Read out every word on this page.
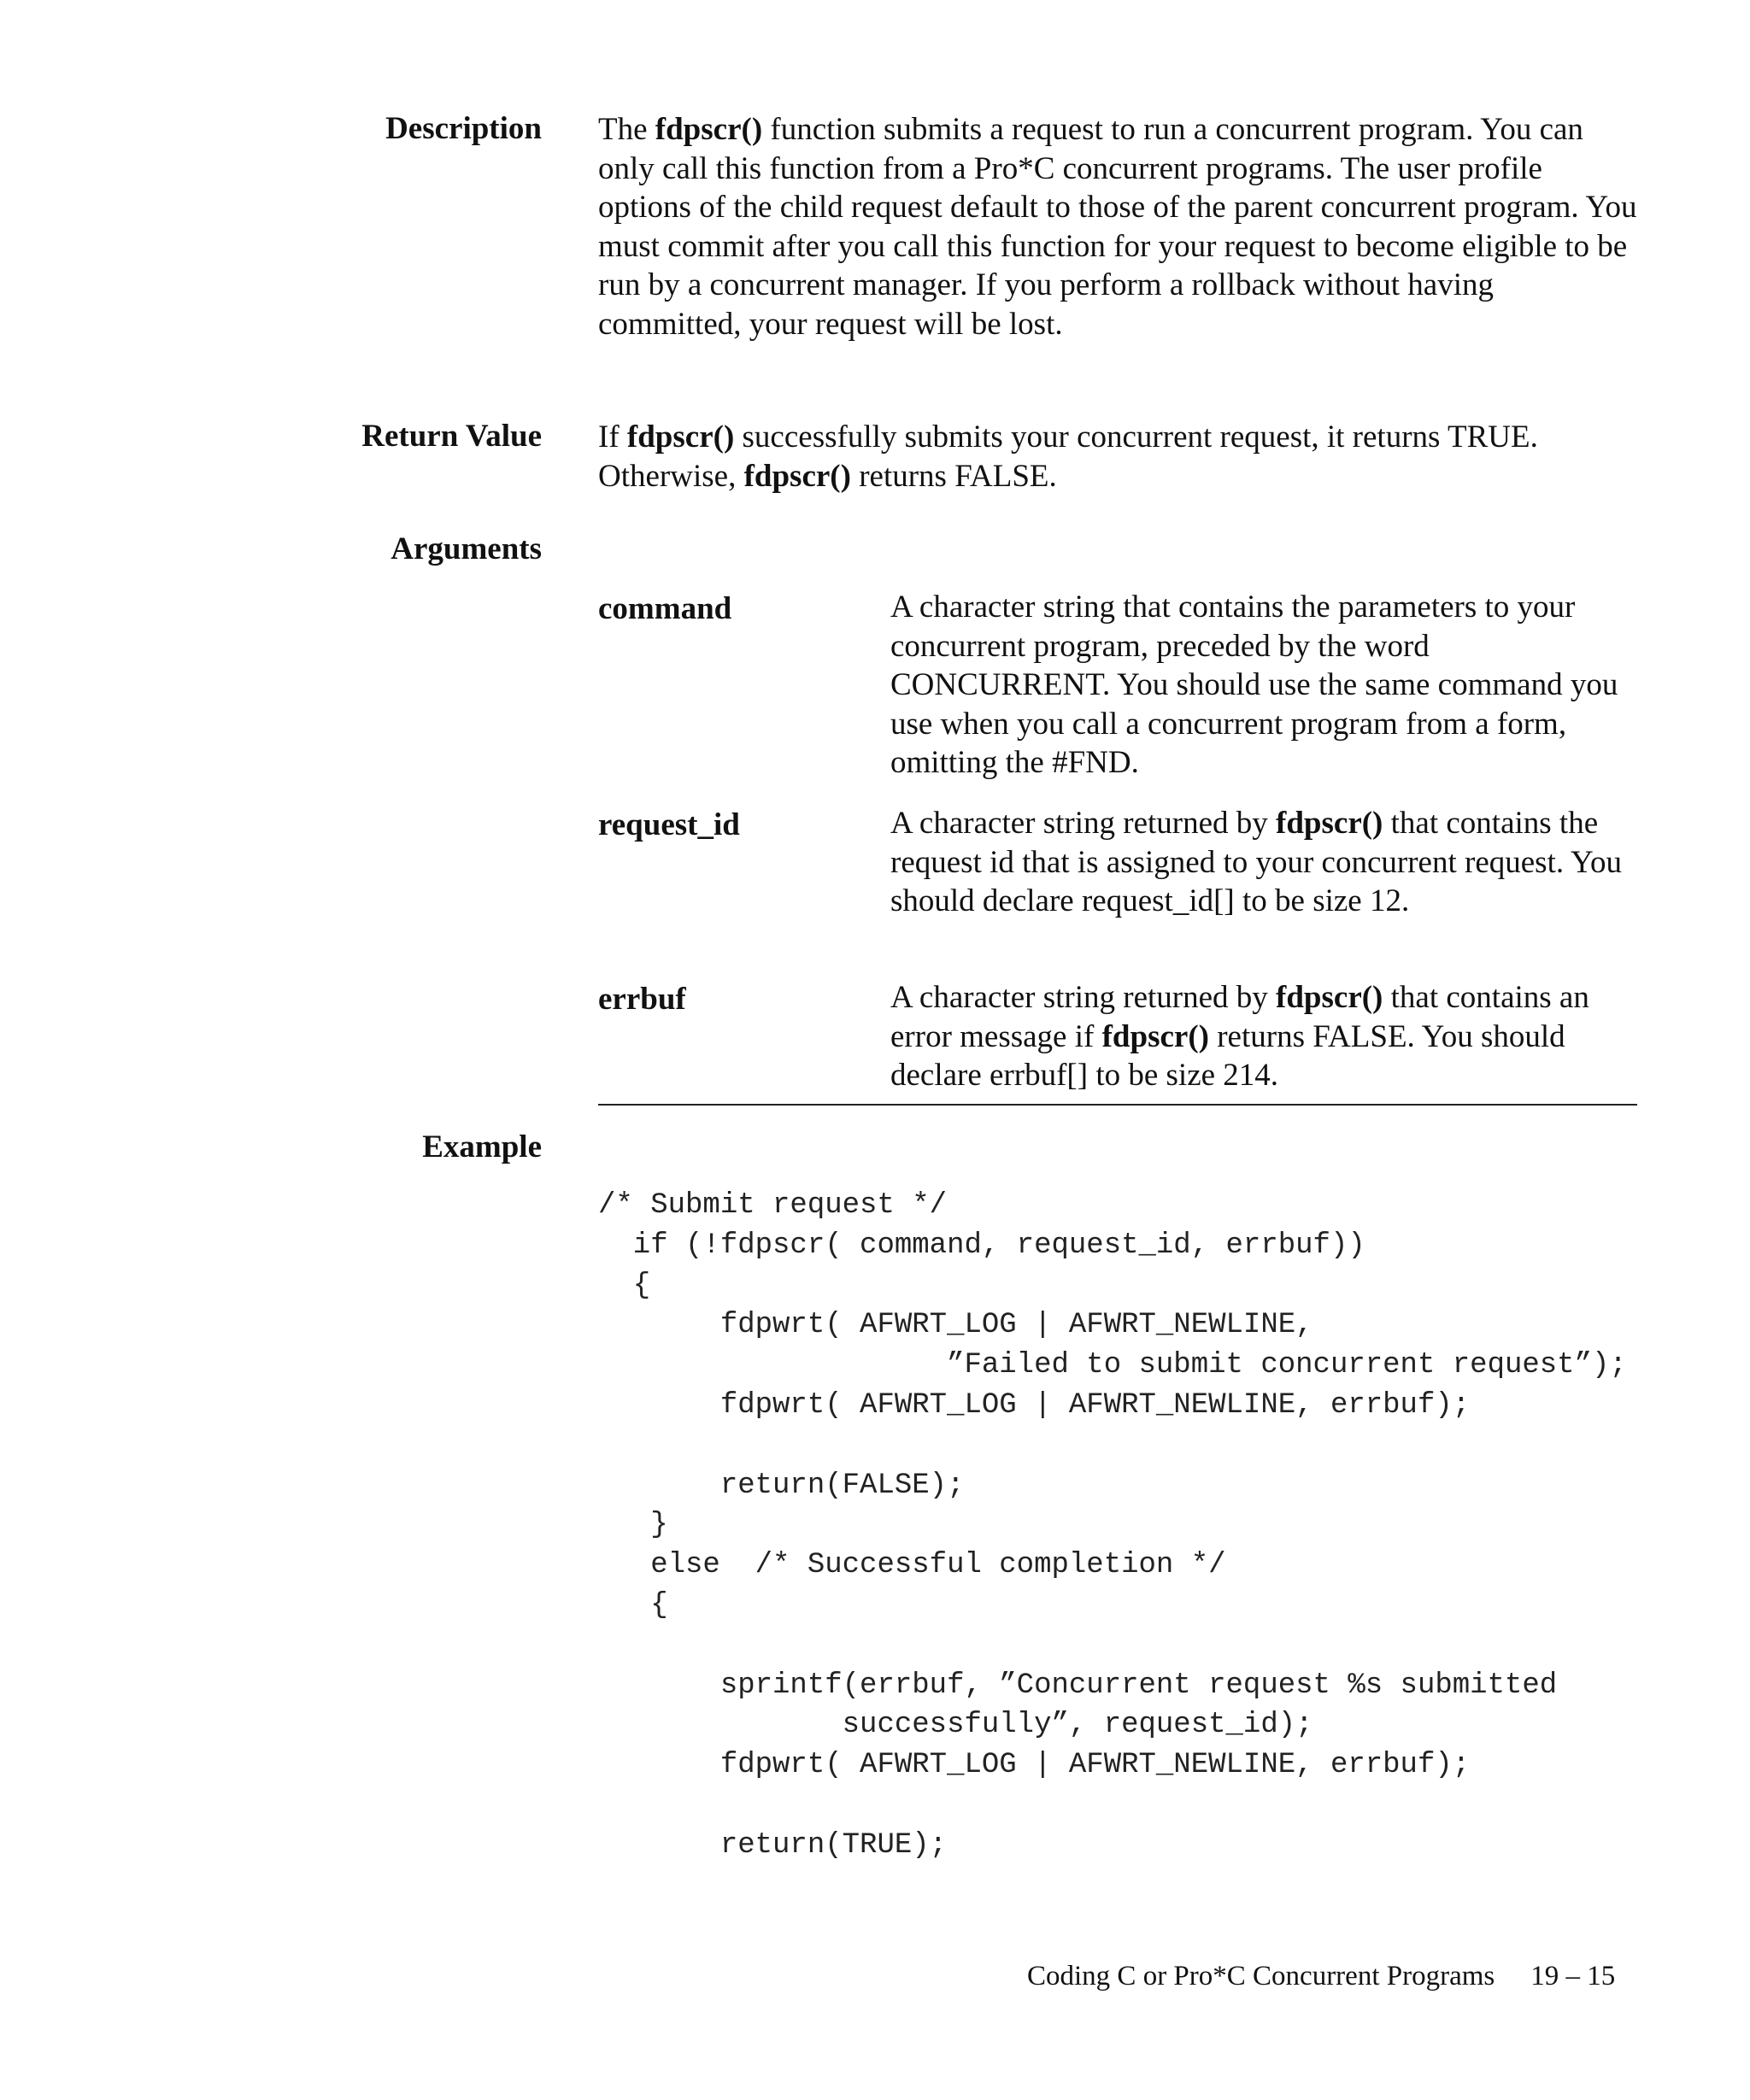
Description The fdpscr() function submits a request to run a concurrent program. You can only call this function from a Pro*C concurrent programs. The user profile options of the child request default to those of the parent concurrent program. You must commit after you call this function for your request to become eligible to be run by a concurrent manager. If you perform a rollback without having committed, your request will be lost.
Return Value If fdpscr() successfully submits your concurrent request, it returns TRUE. Otherwise, fdpscr() returns FALSE.
Arguments
command	A character string that contains the parameters to your concurrent program, preceded by the word CONCURRENT. You should use the same command you use when you call a concurrent program from a form, omitting the #FND.
request_id	A character string returned by fdpscr() that contains the request id that is assigned to your concurrent request. You should declare request_id[] to be size 12.
errbuf	A character string returned by fdpscr() that contains an error message if fdpscr() returns FALSE. You should declare errbuf[] to be size 214.
Example
/* Submit request */
if (!fdpscr( command, request_id, errbuf))
{
fdpwrt( AFWRT_LOG | AFWRT_NEWLINE,
”Failed to submit concurrent request”);
fdpwrt( AFWRT_LOG | AFWRT_NEWLINE, errbuf);

return(FALSE);
}
else  /* Successful completion */
{

sprintf(errbuf, ”Concurrent request %s submitted
successfully”, request_id);
fdpwrt( AFWRT_LOG | AFWRT_NEWLINE, errbuf);

return(TRUE);
Coding C or Pro*C Concurrent Programs 19 – 15
